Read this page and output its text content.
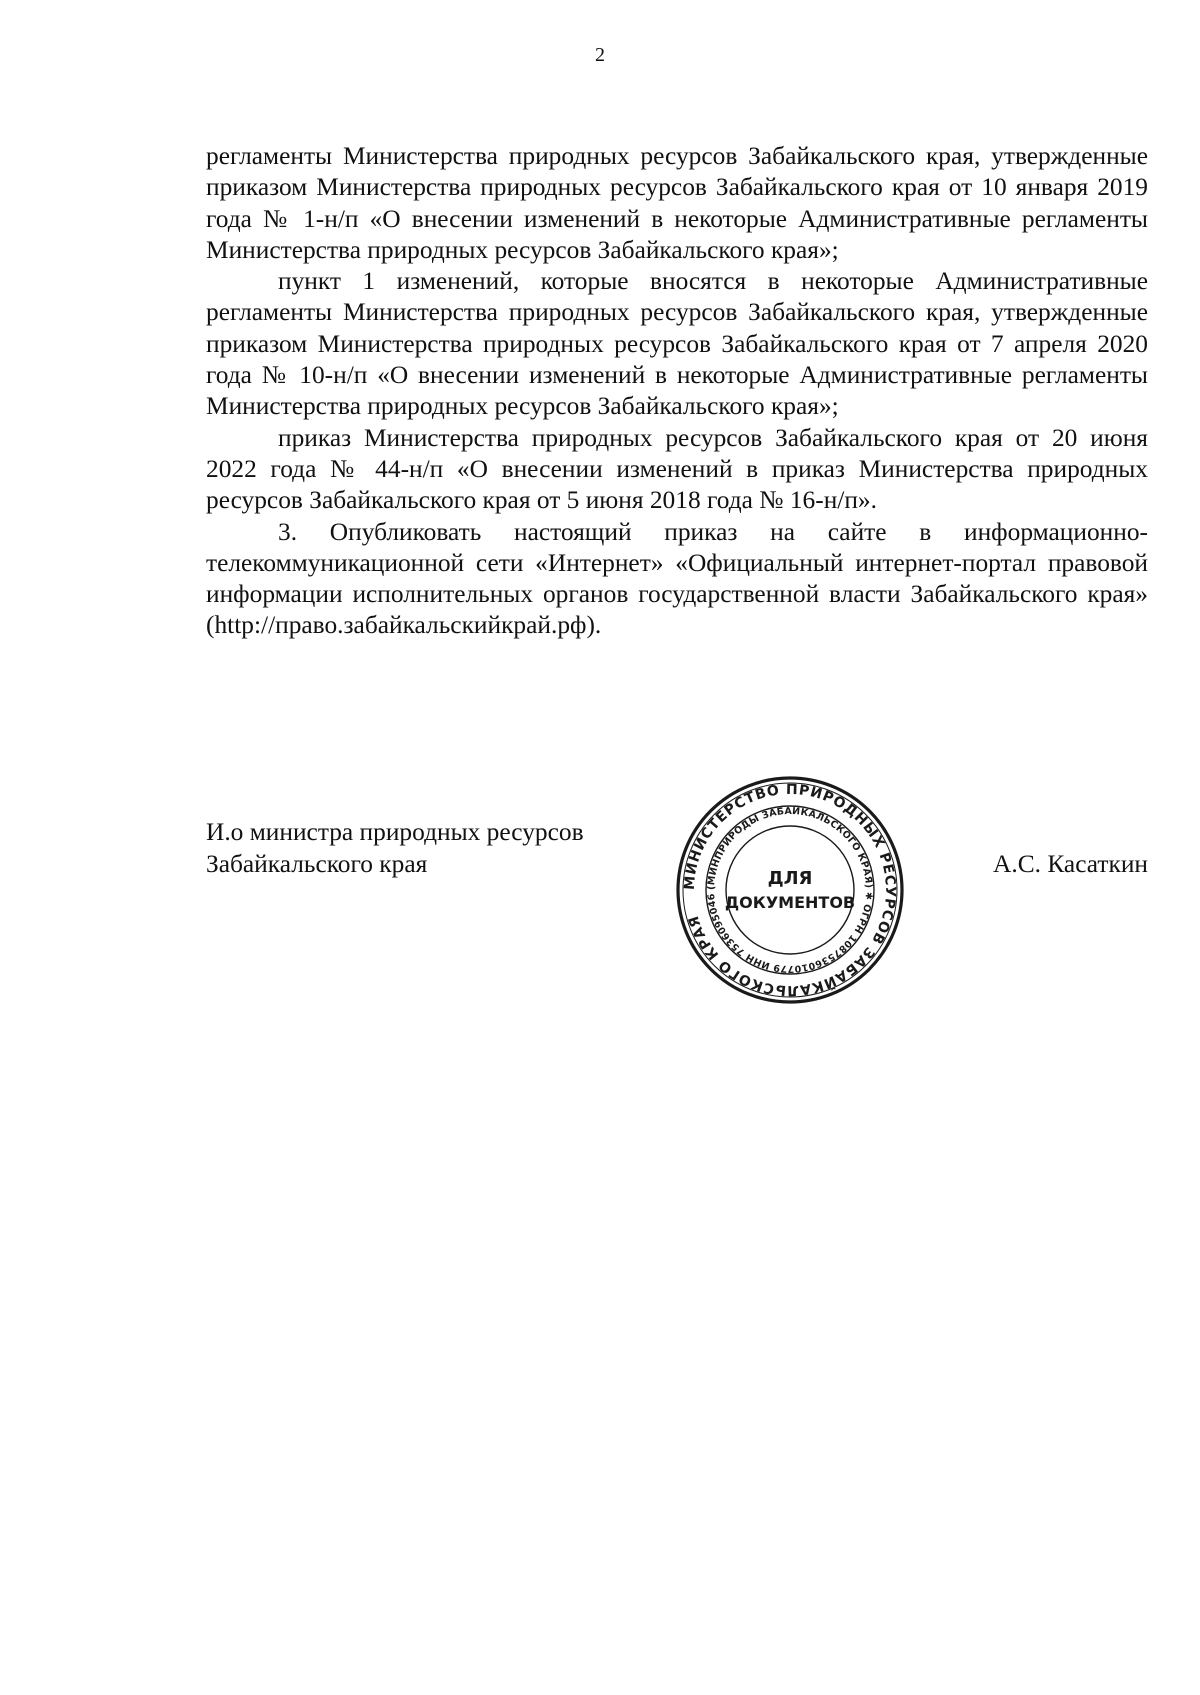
2

регламенты Министерства природных ресурсов Забайкальского края, утвержденные приказом Министерства природных ресурсов Забайкальского края от 10 января 2019 года № 1-н/п «О внесении изменений в некоторые Административные регламенты Министерства природных ресурсов Забайкальского края»;

пункт 1 изменений, которые вносятся в некоторые Административные регламенты Министерства природных ресурсов Забайкальского края, утвержденные приказом Министерства природных ресурсов Забайкальского края от 7 апреля 2020 года № 10-н/п «О внесении изменений в некоторые Административные регламенты Министерства природных ресурсов Забайкальского края»;

приказ Министерства природных ресурсов Забайкальского края от 20 июня 2022 года № 44-н/п «О внесении изменений в приказ Министерства природных ресурсов Забайкальского края от 5 июня 2018 года № 16-н/п».

3. Опубликовать настоящий приказ на сайте в информационно-телекоммуникационной сети «Интернет» «Официальный интернет-портал правовой информации исполнительных органов государственной власти Забайкальского края» (http://право.забайкальскийкрай.рф).

И.о министра природных ресурсов
Забайкальского края	А.С. Касаткин
МИНИСТЕРСТВО ПРИРОДНЫХ РЕСУРСОВ ЗАБАЙКАЛЬСКОГО КРАЯ
(МИНПРИРОДЫ ЗАБАЙКАЛЬСКОГО КРАЯ) ✱ ОГРН 1087536010779 ИНН 7536095046
ДЛЯ
ДОКУМЕНТОВ
